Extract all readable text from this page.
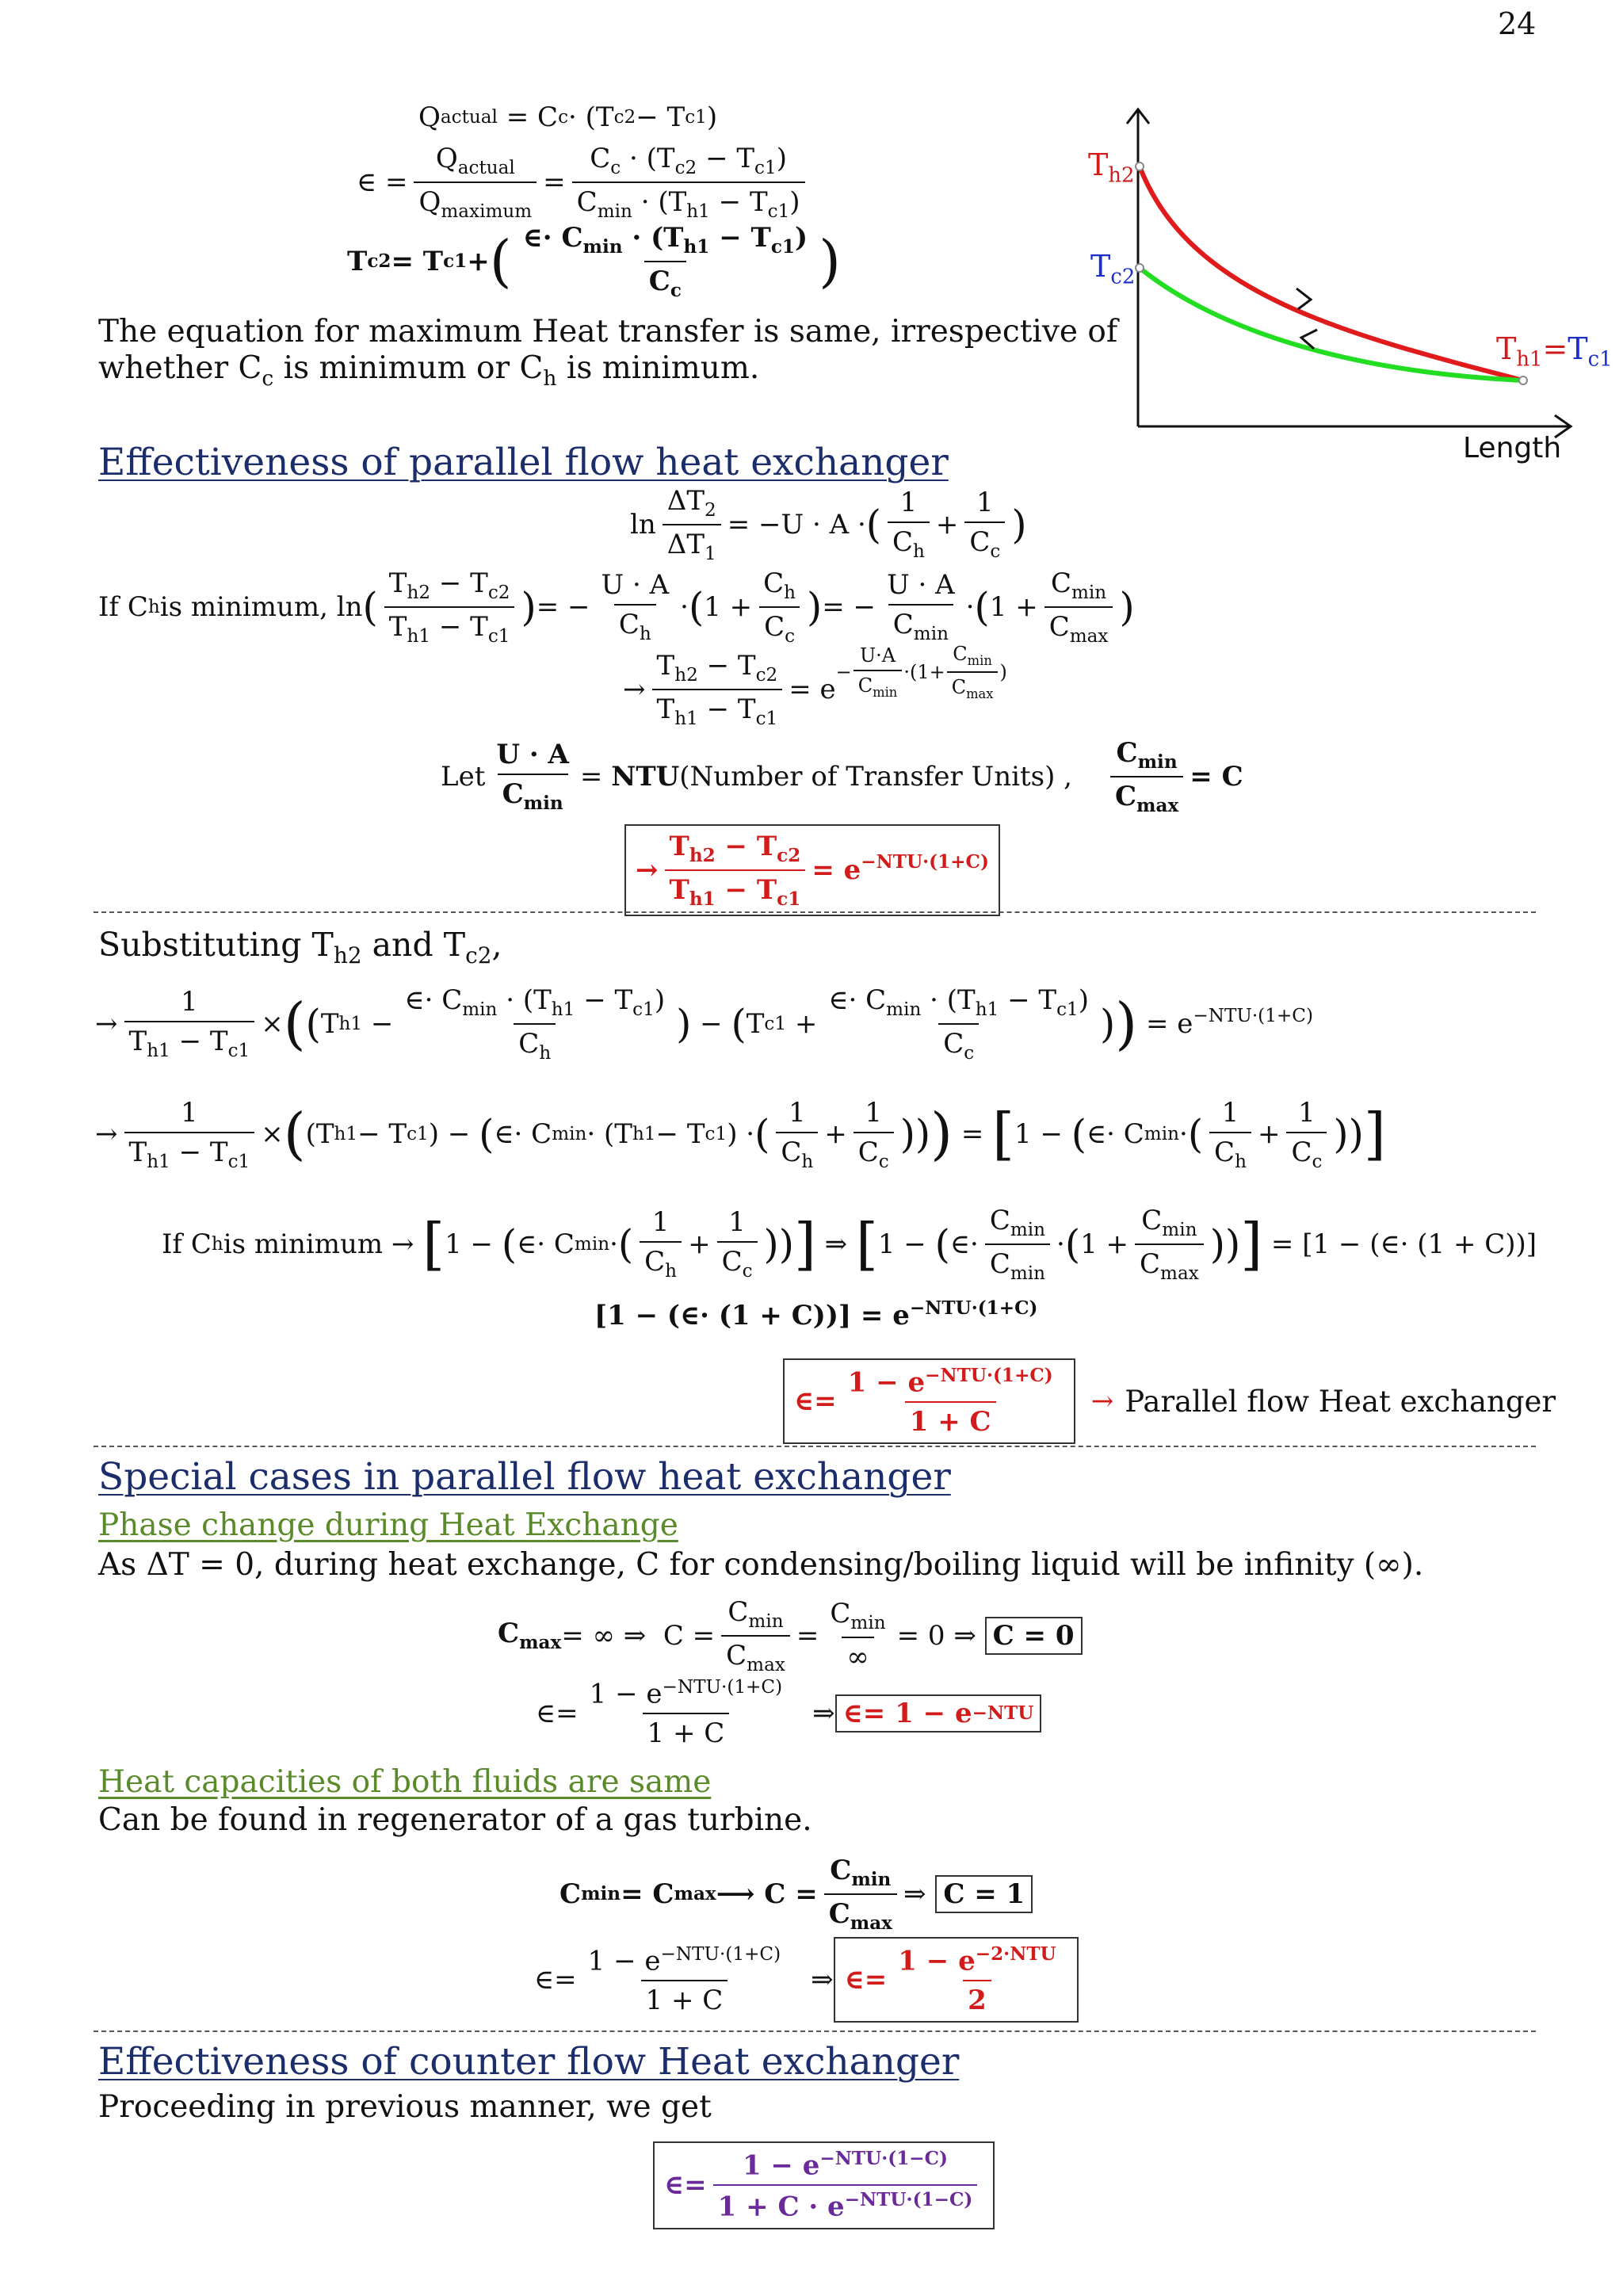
24
Q actual
= C c · (T c2 − T c1 )
∈ = $\frac{Q_{actual}}{Q_{maximum}} = \frac{C_c \cdot (T_{c2} - T_{c1})}{C_{min} \cdot (T_{h1} - T_{c1})}$
T c2 = T c1 + ( $\frac{\in\cdot C_{min} \cdot (T_{h1} - T_{c1})}{C_c}$ )
The equation for maximum Heat transfer is same, irrespective of
whether $C_c$ is minimum or $C_h$ is minimum.
$T_{h2}$
$T_{c2}$
$T_{h1}=T_{c1}$
Length
Effectiveness of parallel flow heat exchanger
$\ln \frac{\Delta T_2}{\Delta T_1} = -U \cdot A$ · ( $\frac{1}{C_h} + \frac{1}{C_c}$ )
If C h is minimum, ln ( $\frac{T_{h2} - T_{c2}}{T_{h1} - T_{c1}}$ ) = − $\frac{U \cdot A}{C_h}$ · ( $1 + \frac{C_h}{C_c}$ ) = − $\frac{U \cdot A}{C_{min}}$ · ( $1 + \frac{C_{min}}{C_{max}}$ )
→ $\frac{T_{h2} - T_{c2}}{T_{h1} - T_{c1}} = e$
− $\frac{U\cdot A}{C_{min}} \cdot(1+ \frac{C_{min}}{C_{max}}$ )
Let $\frac{U \cdot A}{C_{min}}$ =
NTU (Number of Transfer Units) , $\frac{C_{min}}{C_{max}} = C$
→ $\frac{T_{h2} - T_{c2}}{T_{h1} - T_{c1}} = e^{-NTU\cdot(1+C)}$
Substituting $T_{h2}$ and $T_{c2}$,
→ $\frac{1}{T_{h1} - T_{c1}}$ × ( ( T h1
− $\frac{\in\cdot C_{min} \cdot (T_{h1} - T_{c1})}{C_h}$ )
−
( T c1
+ $\frac{\in\cdot C_{min} \cdot (T_{h1} - T_{c1})}{C_c}$ ) )
= $e^{-NTU\cdot(1+C)}$
→ $\frac{1}{T_{h1} - T_{c1}}$ × ( (T h1 − T c1 ) −
( ∈· C min · (T h1 − T c1 ) · ( $\frac{1}{C_h} + \frac{1}{C_c}$ )) )
=
[ 1 −
( ∈· C min · ( $\frac{1}{C_h} + \frac{1}{C_c}$ )) ]
If C h is minimum →
[ 1 −
( ∈· C min · ( $\frac{1}{C_h} + \frac{1}{C_c}$ )) ]
⇒
[ 1 −
( ∈· $\frac{C_{min}}{C_{min}}$ · ( $1 + \frac{C_{min}}{C_{max}}$ )) ]
= [1 − (∈· (1 + C))]
[1 − (∈· $(1 + C))] = e^{-NTU\cdot(1+C)}$
∈= $\frac{1 - e^{-NTU\cdot(1+C)}}{1 + C}$ → Parallel flow Heat exchanger
Special cases in parallel flow heat exchanger
Phase change during Heat Exchange
As ΔT = 0, during heat exchange, C for condensing/boiling liquid will be infinity (∞).
$C_{max}$ = ∞ ⇒
$C = \frac{C_{min}}{C_{max}} = \frac{C_{min}}{\infty} = 0$ ⇒
C = 0
∈= $\frac{1 - e^{-NTU\cdot(1+C)}}{1 + C}$ ⇒ ∈= 1 − e −NTU
Heat capacities of both fluids are same
Can be found in regenerator of a gas turbine.
C min = C max ⟶ $C = \frac{C_{min}}{C_{max}}$ ⇒
C = 1
∈= $\frac{1 - e^{-NTU\cdot(1+C)}}{1 + C}$ ⇒ ∈= $\frac{1 - e^{-2\cdot NTU}}{2}$
Effectiveness of counter flow Heat exchanger
Proceeding in previous manner, we get
∈= $\frac{1 - e^{-NTU\cdot(1-C)}}{1 + C \cdot e^{-NTU\cdot(1-C)}}$
